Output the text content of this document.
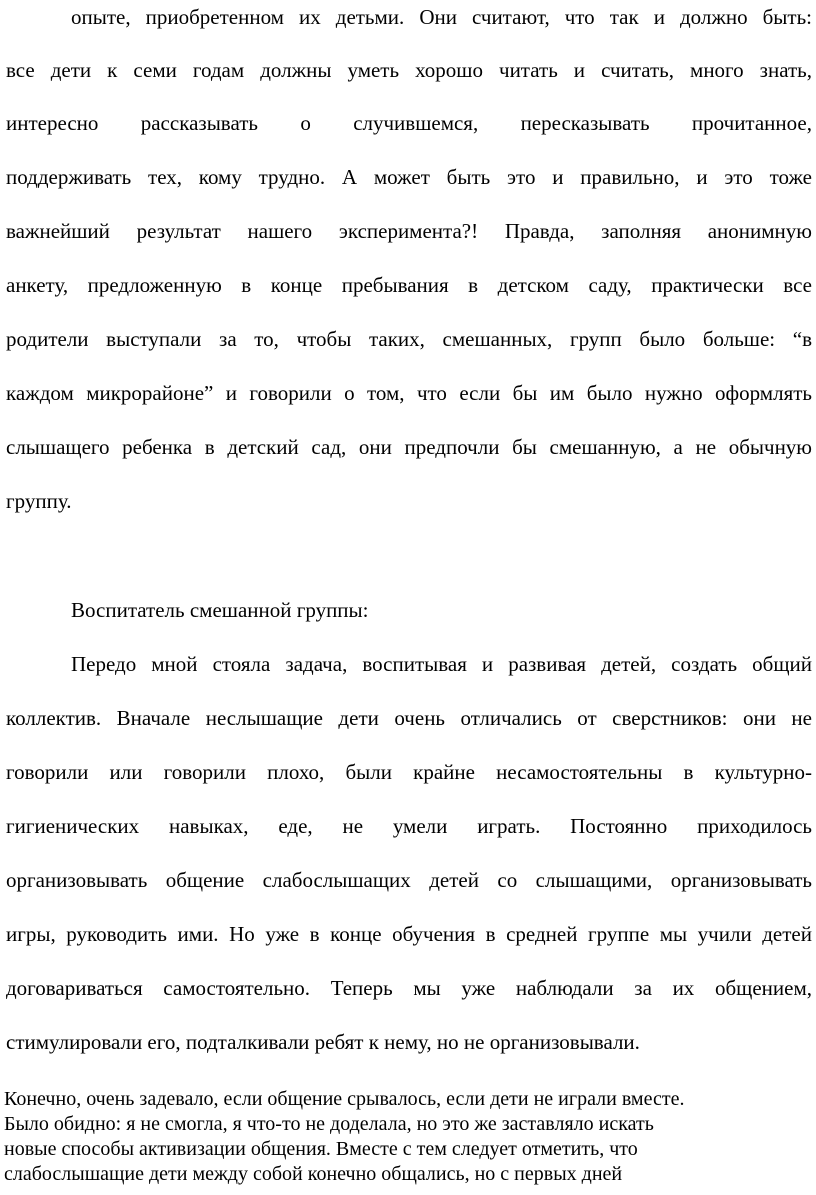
опыте, приобретенном их детьми. Они считают, что так и должно быть:
все дети к семи годам должны уметь хорошо читать и считать, много знать,
интересно рассказывать о случившемся, пересказывать прочитанное,
поддерживать тех, кому трудно. А может быть это и правильно, и это тоже
важнейший результат нашего эксперимента?! Правда, заполняя анонимную
анкету, предложенную в конце пребывания в детском саду, практически все
родители выступали за то, чтобы таких, смешанных, групп было больше: “в
каждом микрорайоне” и говорили о том, что если бы им было нужно оформлять
слышащего ребенка в детский сад, они предпочли бы смешанную, а не обычную
группу.
Воспитатель смешанной группы:
Передо мной стояла задача, воспитывая и развивая детей, создать общий
коллектив. Вначале неслышащие дети очень отличались от сверстников: они не
говорили или говорили плохо, были крайне несамостоятельны в культурно-
гигиенических навыках, еде, не умели играть. Постоянно приходилось
организовывать общение слабослышащих детей со слышащими, организовывать
игры, руководить ими. Но уже в конце обучения в средней группе мы учили детей
договариваться самостоятельно. Теперь мы уже наблюдали за их общением,
стимулировали его, подталкивали ребят к нему, но не организовывали.
Конечно, очень задевало, если общение срывалось, если дети не играли вместе.
Было обидно: я не смогла, я что-то не доделала, но это же заставляло искать
новые способы активизации общения. Вместе с тем следует отметить, что
слабослышащие дети между собой конечно общались, но с первых дней
